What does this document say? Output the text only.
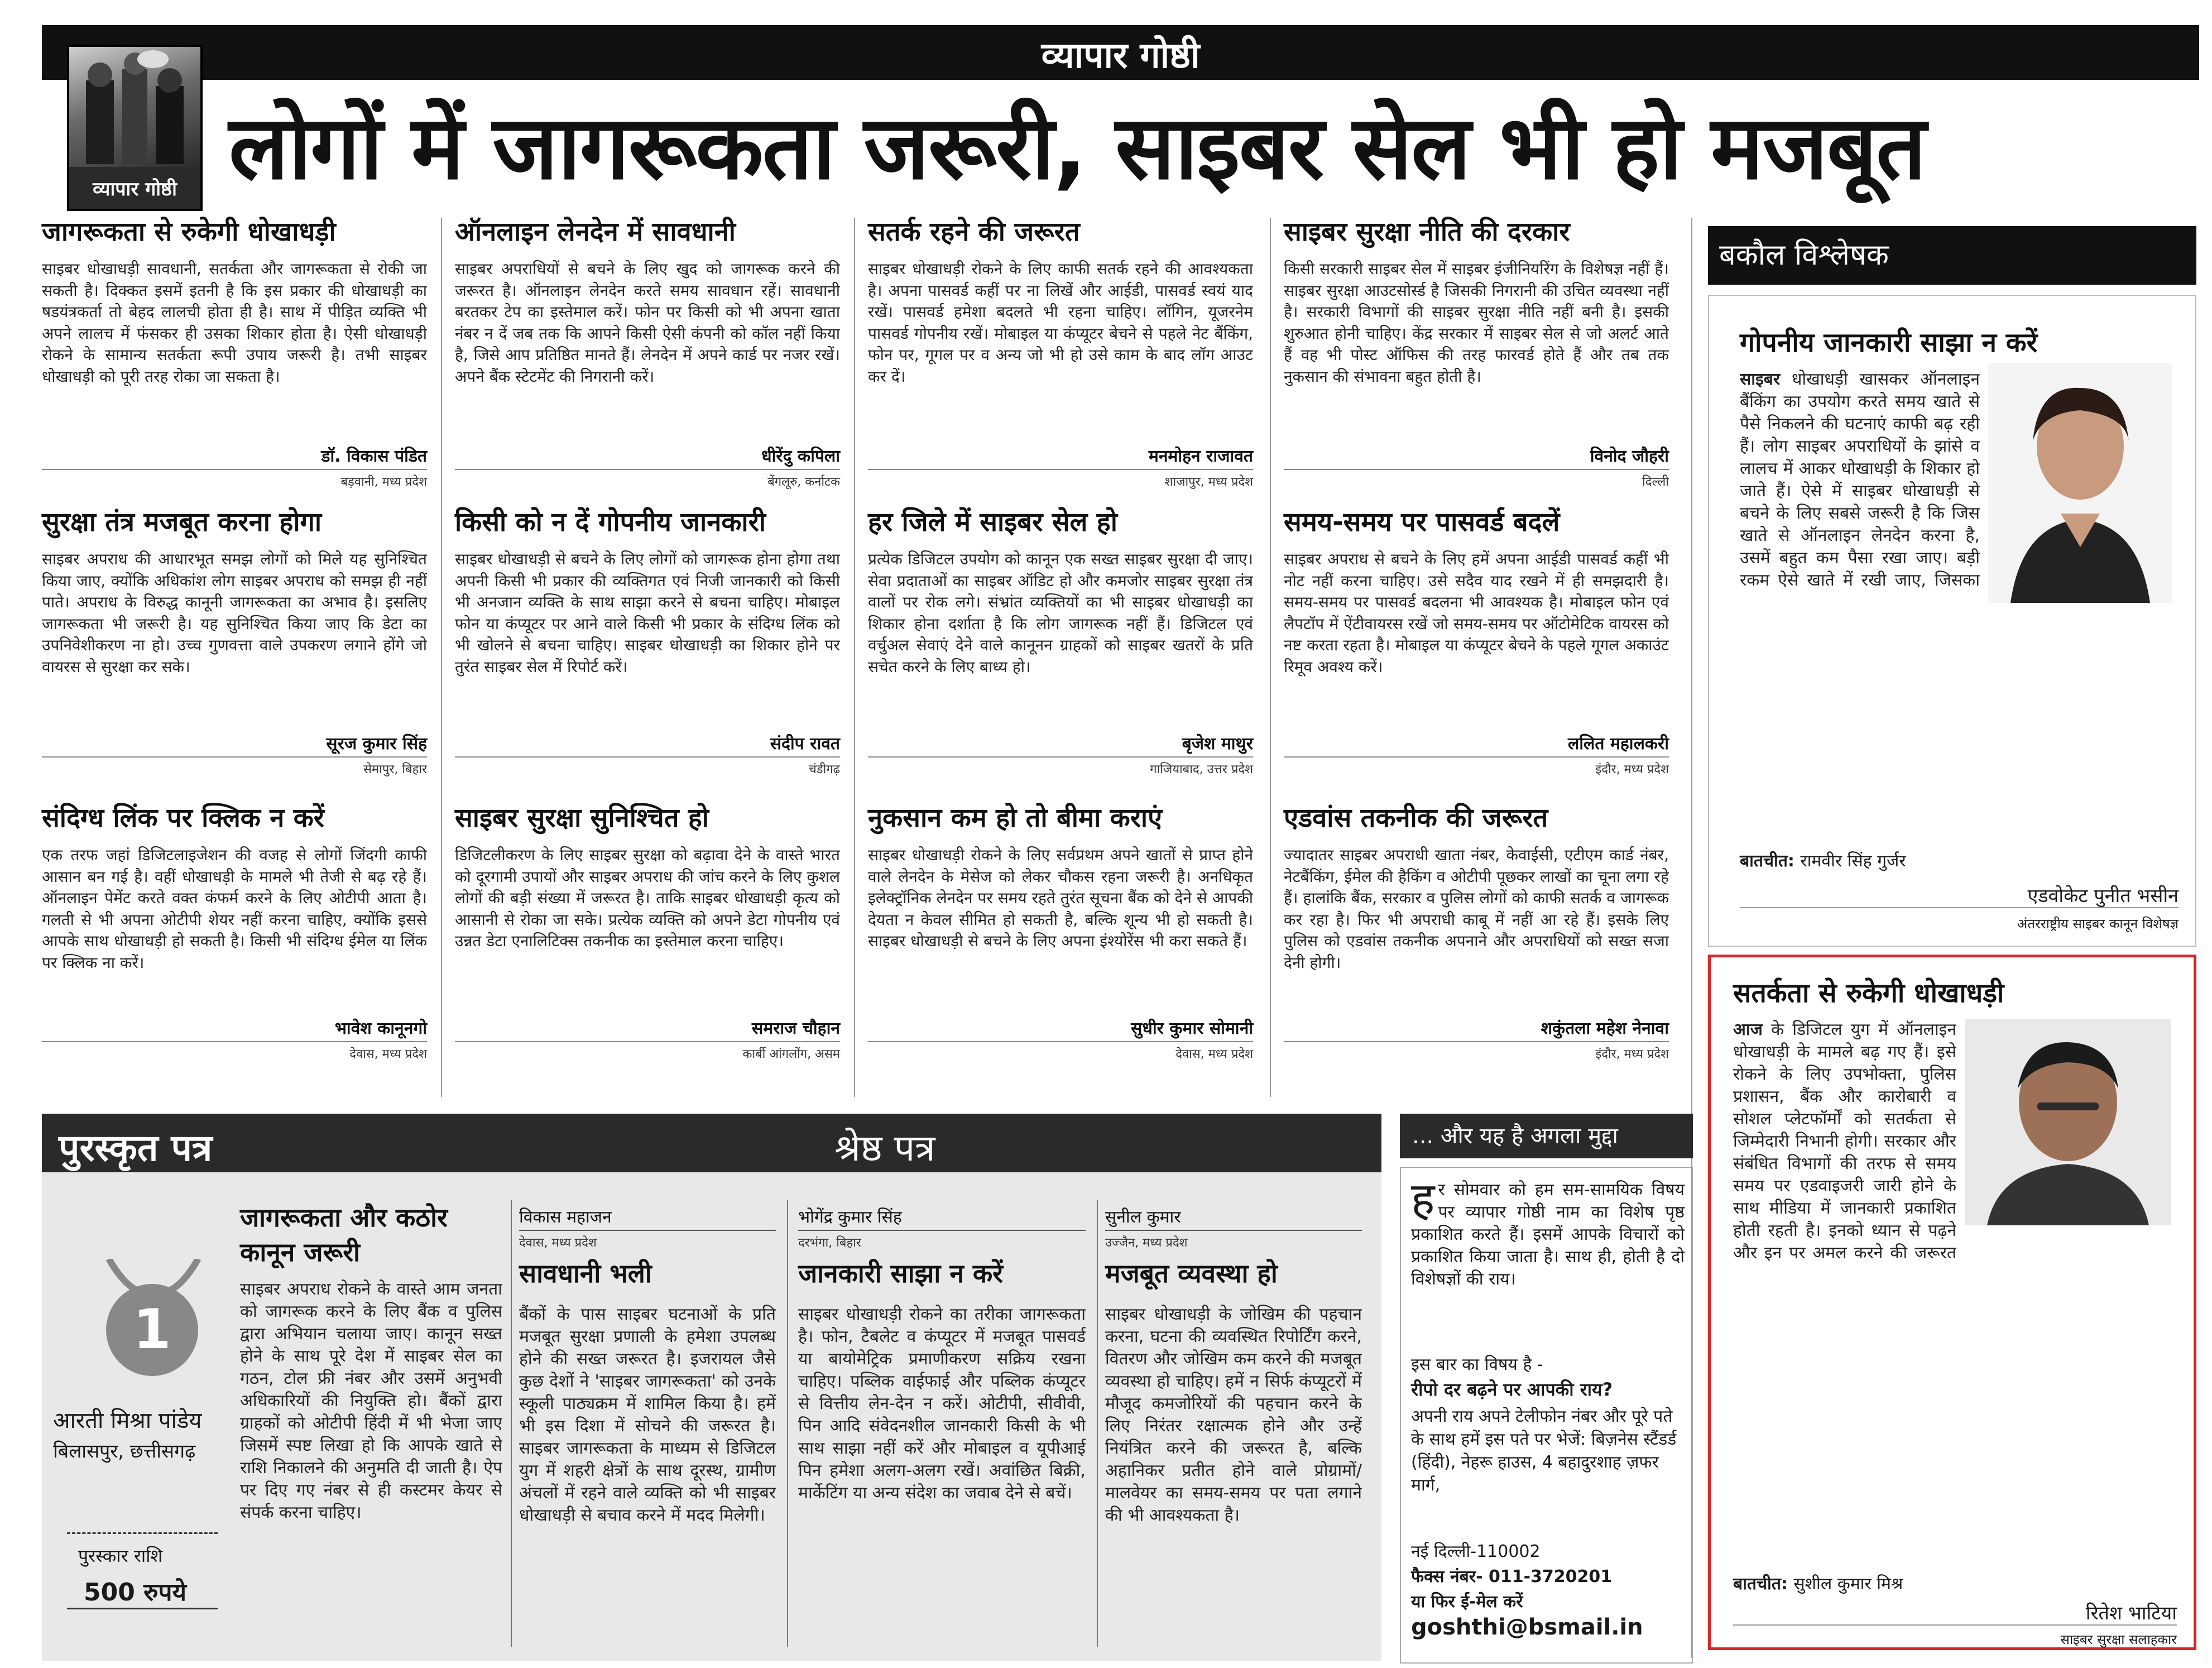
व्यापार गोष्ठी
व्यापार गोष्ठी लोगों में जागरूकता जरूरी, साइबर सेल भी हो मजबूत
जागरूकता से रुकेगी धोखाधड़ी

साइबर धोखाधड़ी सावधानी, सतर्कता और जागरूकता से रोकी जा सकती है। दिक्कत इसमें इतनी है कि इस प्रकार की धोखाधड़ी का षडयंत्रकर्ता तो बेहद लालची होता ही है। साथ में पीड़ित व्यक्ति भी अपने लालच में फंसकर ही उसका शिकार होता है। ऐसी धोखाधड़ी रोकने के सामान्य सतर्कता रूपी उपाय जरूरी है। तभी साइबर धोखाधड़ी को पूरी तरह रोका जा सकता है।

डॉ. विकास पंडित
बड़वानी, मध्य प्रदेश
ऑनलाइन लेनदेन में सावधानी

साइबर अपराधियों से बचने के लिए खुद को जागरूक करने की जरूरत है। ऑनलाइन लेनदेन करते समय सावधान रहें। सावधानी बरतकर टेप का इस्तेमाल करें। फोन पर किसी को भी अपना खाता नंबर न दें जब तक कि आपने किसी ऐसी कंपनी को कॉल नहीं किया है, जिसे आप प्रतिष्ठित मानते हैं। लेनदेन में अपने कार्ड पर नजर रखें। अपने बैंक स्टेटमेंट की निगरानी करें।

धीरेंदु कपिला
बेंगलूरु, कर्नाटक
सतर्क रहने की जरूरत

साइबर धोखाधड़ी रोकने के लिए काफी सतर्क रहने की आवश्यकता है। अपना पासवर्ड कहीं पर ना लिखें और आईडी, पासवर्ड स्वयं याद रखें। पासवर्ड हमेशा बदलते भी रहना चाहिए। लॉगिन, यूजरनेम पासवर्ड गोपनीय रखें। मोबाइल या कंप्यूटर बेचने से पहले नेट बैंकिंग, फोन पर, गूगल पर व अन्य जो भी हो उसे काम के बाद लॉग आउट कर दें।

मनमोहन राजावत
शाजापुर, मध्य प्रदेश
साइबर सुरक्षा नीति की दरकार

किसी सरकारी साइबर सेल में साइबर इंजीनियरिंग के विशेषज्ञ नहीं हैं। साइबर सुरक्षा आउटसोर्स्ड है जिसकी निगरानी की उचित व्यवस्था नहीं है। सरकारी विभागों की साइबर सुरक्षा नीति नहीं बनी है। इसकी शुरुआत होनी चाहिए। केंद्र सरकार में साइबर सेल से जो अलर्ट आते हैं वह भी पोस्ट ऑफिस की तरह फारवर्ड होते हैं और तब तक नुकसान की संभावना बहुत होती है।

विनोद जौहरी
दिल्ली
सुरक्षा तंत्र मजबूत करना होगा

साइबर अपराध की आधारभूत समझ लोगों को मिले यह सुनिश्चित किया जाए, क्योंकि अधिकांश लोग साइबर अपराध को समझ ही नहीं पाते। अपराध के विरुद्ध कानूनी जागरूकता का अभाव है। इसलिए जागरूकता भी जरूरी है। यह सुनिश्चित किया जाए कि डेटा का उपनिवेशीकरण ना हो। उच्च गुणवत्ता वाले उपकरण लगाने होंगे जो वायरस से सुरक्षा कर सके।

सूरज कुमार सिंह
सेमापुर, बिहार
किसी को न दें गोपनीय जानकारी

साइबर धोखाधड़ी से बचने के लिए लोगों को जागरूक होना होगा तथा अपनी किसी भी प्रकार की व्यक्तिगत एवं निजी जानकारी को किसी भी अनजान व्यक्ति के साथ साझा करने से बचना चाहिए। मोबाइल फोन या कंप्यूटर पर आने वाले किसी भी प्रकार के संदिग्ध लिंक को भी खोलने से बचना चाहिए। साइबर धोखाधड़ी का शिकार होने पर तुरंत साइबर सेल में रिपोर्ट करें।

संदीप रावत
चंडीगढ़
हर जिले में साइबर सेल हो

प्रत्येक डिजिटल उपयोग को कानून एक सख्त साइबर सुरक्षा दी जाए। सेवा प्रदाताओं का साइबर ऑडिट हो और कमजोर साइबर सुरक्षा तंत्र वालों पर रोक लगे। संभ्रांत व्यक्तियों का भी साइबर धोखाधड़ी का शिकार होना दर्शाता है कि लोग जागरूक नहीं हैं। डिजिटल एवं वर्चुअल सेवाएं देने वाले कानूनन ग्राहकों को साइबर खतरों के प्रति सचेत करने के लिए बाध्य हो।

बृजेश माथुर
गाजियाबाद, उत्तर प्रदेश
समय-समय पर पासवर्ड बदलें

साइबर अपराध से बचने के लिए हमें अपना आईडी पासवर्ड कहीं भी नोट नहीं करना चाहिए। उसे सदैव याद रखने में ही समझदारी है। समय-समय पर पासवर्ड बदलना भी आवश्यक है। मोबाइल फोन एवं लैपटॉप में ऐंटीवायरस रखें जो समय-समय पर ऑटोमेटिक वायरस को नष्ट करता रहता है। मोबाइल या कंप्यूटर बेचने के पहले गूगल अकाउंट रिमूव अवश्य करें।

ललित महालकरी
इंदौर, मध्य प्रदेश
संदिग्ध लिंक पर क्लिक न करें

एक तरफ जहां डिजिटलाइजेशन की वजह से लोगों जिंदगी काफी आसान बन गई है। वहीं धोखाधड़ी के मामले भी तेजी से बढ़ रहे हैं। ऑनलाइन पेमेंट करते वक्त कंफर्म करने के लिए ओटीपी आता है। गलती से भी अपना ओटीपी शेयर नहीं करना चाहिए, क्योंकि इससे आपके साथ धोखाधड़ी हो सकती है। किसी भी संदिग्ध ईमेल या लिंक पर क्लिक ना करें।

भावेश कानूनगो
देवास, मध्य प्रदेश
साइबर सुरक्षा सुनिश्चित हो

डिजिटलीकरण के लिए साइबर सुरक्षा को बढ़ावा देने के वास्ते भारत को दूरगामी उपायों और साइबर अपराध की जांच करने के लिए कुशल लोगों की बड़ी संख्या में जरूरत है। ताकि साइबर धोखाधड़ी कृत्य को आसानी से रोका जा सके। प्रत्येक व्यक्ति को अपने डेटा गोपनीय एवं उन्नत डेटा एनालिटिक्स तकनीक का इस्तेमाल करना चाहिए।

समराज चौहान
कार्बी आंगलोंग, असम
नुकसान कम हो तो बीमा कराएं

साइबर धोखाधड़ी रोकने के लिए सर्वप्रथम अपने खातों से प्राप्त होने वाले लेनदेन के मेसेज को लेकर चौकस रहना जरूरी है। अनधिकृत इलेक्ट्रॉनिक लेनदेन पर समय रहते तुरंत सूचना बैंक को देने से आपकी देयता न केवल सीमित हो सकती है, बल्कि शून्य भी हो सकती है। साइबर धोखाधड़ी से बचने के लिए अपना इंश्योरेंस भी करा सकते हैं।

सुधीर कुमार सोमानी
देवास, मध्य प्रदेश
एडवांस तकनीक की जरूरत

ज्यादातर साइबर अपराधी खाता नंबर, केवाईसी, एटीएम कार्ड नंबर, नेटबैंकिंग, ईमेल की हैकिंग व ओटीपी पूछकर लाखों का चूना लगा रहे हैं। हालांकि बैंक, सरकार व पुलिस लोगों को काफी सतर्क व जागरूक कर रहा है। फिर भी अपराधी काबू में नहीं आ रहे हैं। इसके लिए पुलिस को एडवांस तकनीक अपनाने और अपराधियों को सख्त सजा देनी होगी।

शकुंतला महेश नेनावा
इंदौर, मध्य प्रदेश
बकौल विश्लेषक
गोपनीय जानकारी साझा न करें
साइबर धोखाधड़ी खासकर ऑनलाइन बैंकिंग का उपयोग करते समय खाते से पैसे निकलने की घटनाएं काफी बढ़ रही हैं। लोग साइबर अपराधियों के झांसे व लालच में आकर धोखाधड़ी के शिकार हो जाते हैं। ऐसे में साइबर धोखाधड़ी से बचने के लिए सबसे जरूरी है कि जिस खाते से ऑनलाइन लेनदेन करना है, उसमें बहुत कम पैसा रखा जाए। बड़ी रकम ऐसे खाते में रखी जाए, जिसका
बातचीत: रामवीर सिंह गुर्जर
एडवोकेट पुनीत भसीन
अंतरराष्ट्रीय साइबर कानून विशेषज्ञ
सतर्कता से रुकेगी धोखाधड़ी
आज के डिजिटल युग में ऑनलाइन धोखाधड़ी के मामले बढ़ गए हैं। इसे रोकने के लिए उपभोक्ता, पुलिस प्रशासन, बैंक और कारोबारी व सोशल प्लेटफॉर्मों को सतर्कता से जिम्मेदारी निभानी होगी। सरकार और संबंधित विभागों की तरफ से समय समय पर एडवाइजरी जारी होने के साथ मीडिया में जानकारी प्रकाशित होती रहती है। इनको ध्यान से पढ़ने और इन पर अमल करने की जरूरत
बातचीत: सुशील कुमार मिश्र
रितेश भाटिया
साइबर सुरक्षा सलाहकार
पुरस्कृत पत्र	श्रेष्ठ पत्र
1
आरती मिश्रा पांडेय
बिलासपुर, छत्तीसगढ़
पुरस्कार राशि
500 रुपये
जागरूकता और कठोर कानून जरूरी
साइबर अपराध रोकने के वास्ते आम जनता को जागरूक करने के लिए बैंक व पुलिस द्वारा अभियान चलाया जाए। कानून सख्त होने के साथ पूरे देश में साइबर सेल का गठन, टोल फ्री नंबर और उसमें अनुभवी अधिकारियों की नियुक्ति हो। बैंकों द्वारा ग्राहकों को ओटीपी हिंदी में भी भेजा जाए जिसमें स्पष्ट लिखा हो कि आपके खाते से राशि निकालने की अनुमति दी जाती है। ऐप पर दिए गए नंबर से ही कस्टमर केयर से संपर्क करना चाहिए।
विकास महाजन
देवास, मध्य प्रदेश
सावधानी भली
बैंकों के पास साइबर घटनाओं के प्रति मजबूत सुरक्षा प्रणाली के हमेशा उपलब्ध होने की सख्त जरूरत है। इजरायल जैसे कुछ देशों ने 'साइबर जागरूकता' को उनके स्कूली पाठ्यक्रम में शामिल किया है। हमें भी इस दिशा में सोचने की जरूरत है। साइबर जागरूकता के माध्यम से डिजिटल युग में शहरी क्षेत्रों के साथ दूरस्थ, ग्रामीण अंचलों में रहने वाले व्यक्ति को भी साइबर धोखाधड़ी से बचाव करने में मदद मिलेगी।
भोगेंद्र कुमार सिंह
दरभंगा, बिहार
जानकारी साझा न करें
साइबर धोखाधड़ी रोकने का तरीका जागरूकता है। फोन, टैबलेट व कंप्यूटर में मजबूत पासवर्ड या बायोमेट्रिक प्रमाणीकरण सक्रिय रखना चाहिए। पब्लिक वाईफाई और पब्लिक कंप्यूटर से वित्तीय लेन-देन न करें। ओटीपी, सीवीवी, पिन आदि संवेदनशील जानकारी किसी के भी साथ साझा नहीं करें और मोबाइल व यूपीआई पिन हमेशा अलग-अलग रखें। अवांछित बिक्री, मार्केटिंग या अन्य संदेश का जवाब देने से बचें।
सुनील कुमार
उज्जैन, मध्य प्रदेश
मजबूत व्यवस्था हो
साइबर धोखाधड़ी के जोखिम की पहचान करना, घटना की व्यवस्थित रिपोर्टिंग करने, वितरण और जोखिम कम करने की मजबूत व्यवस्था हो चाहिए। हमें न सिर्फ कंप्यूटरों में मौजूद कमजोरियों की पहचान करने के लिए निरंतर रक्षात्मक होने और उन्हें नियंत्रित करने की जरूरत है, बल्कि अहानिकर प्रतीत होने वाले प्रोग्रामों/मालवेयर का समय-समय पर पता लगाने की भी आवश्यकता है।
... और यह है अगला मुद्दा
हर सोमवार को हम सम-सामयिक विषय पर व्यापार गोष्ठी नाम का विशेष पृष्ठ प्रकाशित करते हैं। इसमें आपके विचारों को प्रकाशित किया जाता है। साथ ही, होती है दो विशेषज्ञों की राय।
इस बार का विषय है -
रीपो दर बढ़ने पर आपकी राय?
अपनी राय अपने टेलीफोन नंबर और पूरे पते के साथ हमें इस पते पर भेजें: बिज़नेस स्टैंडर्ड (हिंदी), नेहरू हाउस, 4 बहादुरशाह ज़फर मार्ग,
नई दिल्ली-110002
फैक्स नंबर- 011-3720201
या फिर ई-मेल करें
goshthi@bsmail.in
